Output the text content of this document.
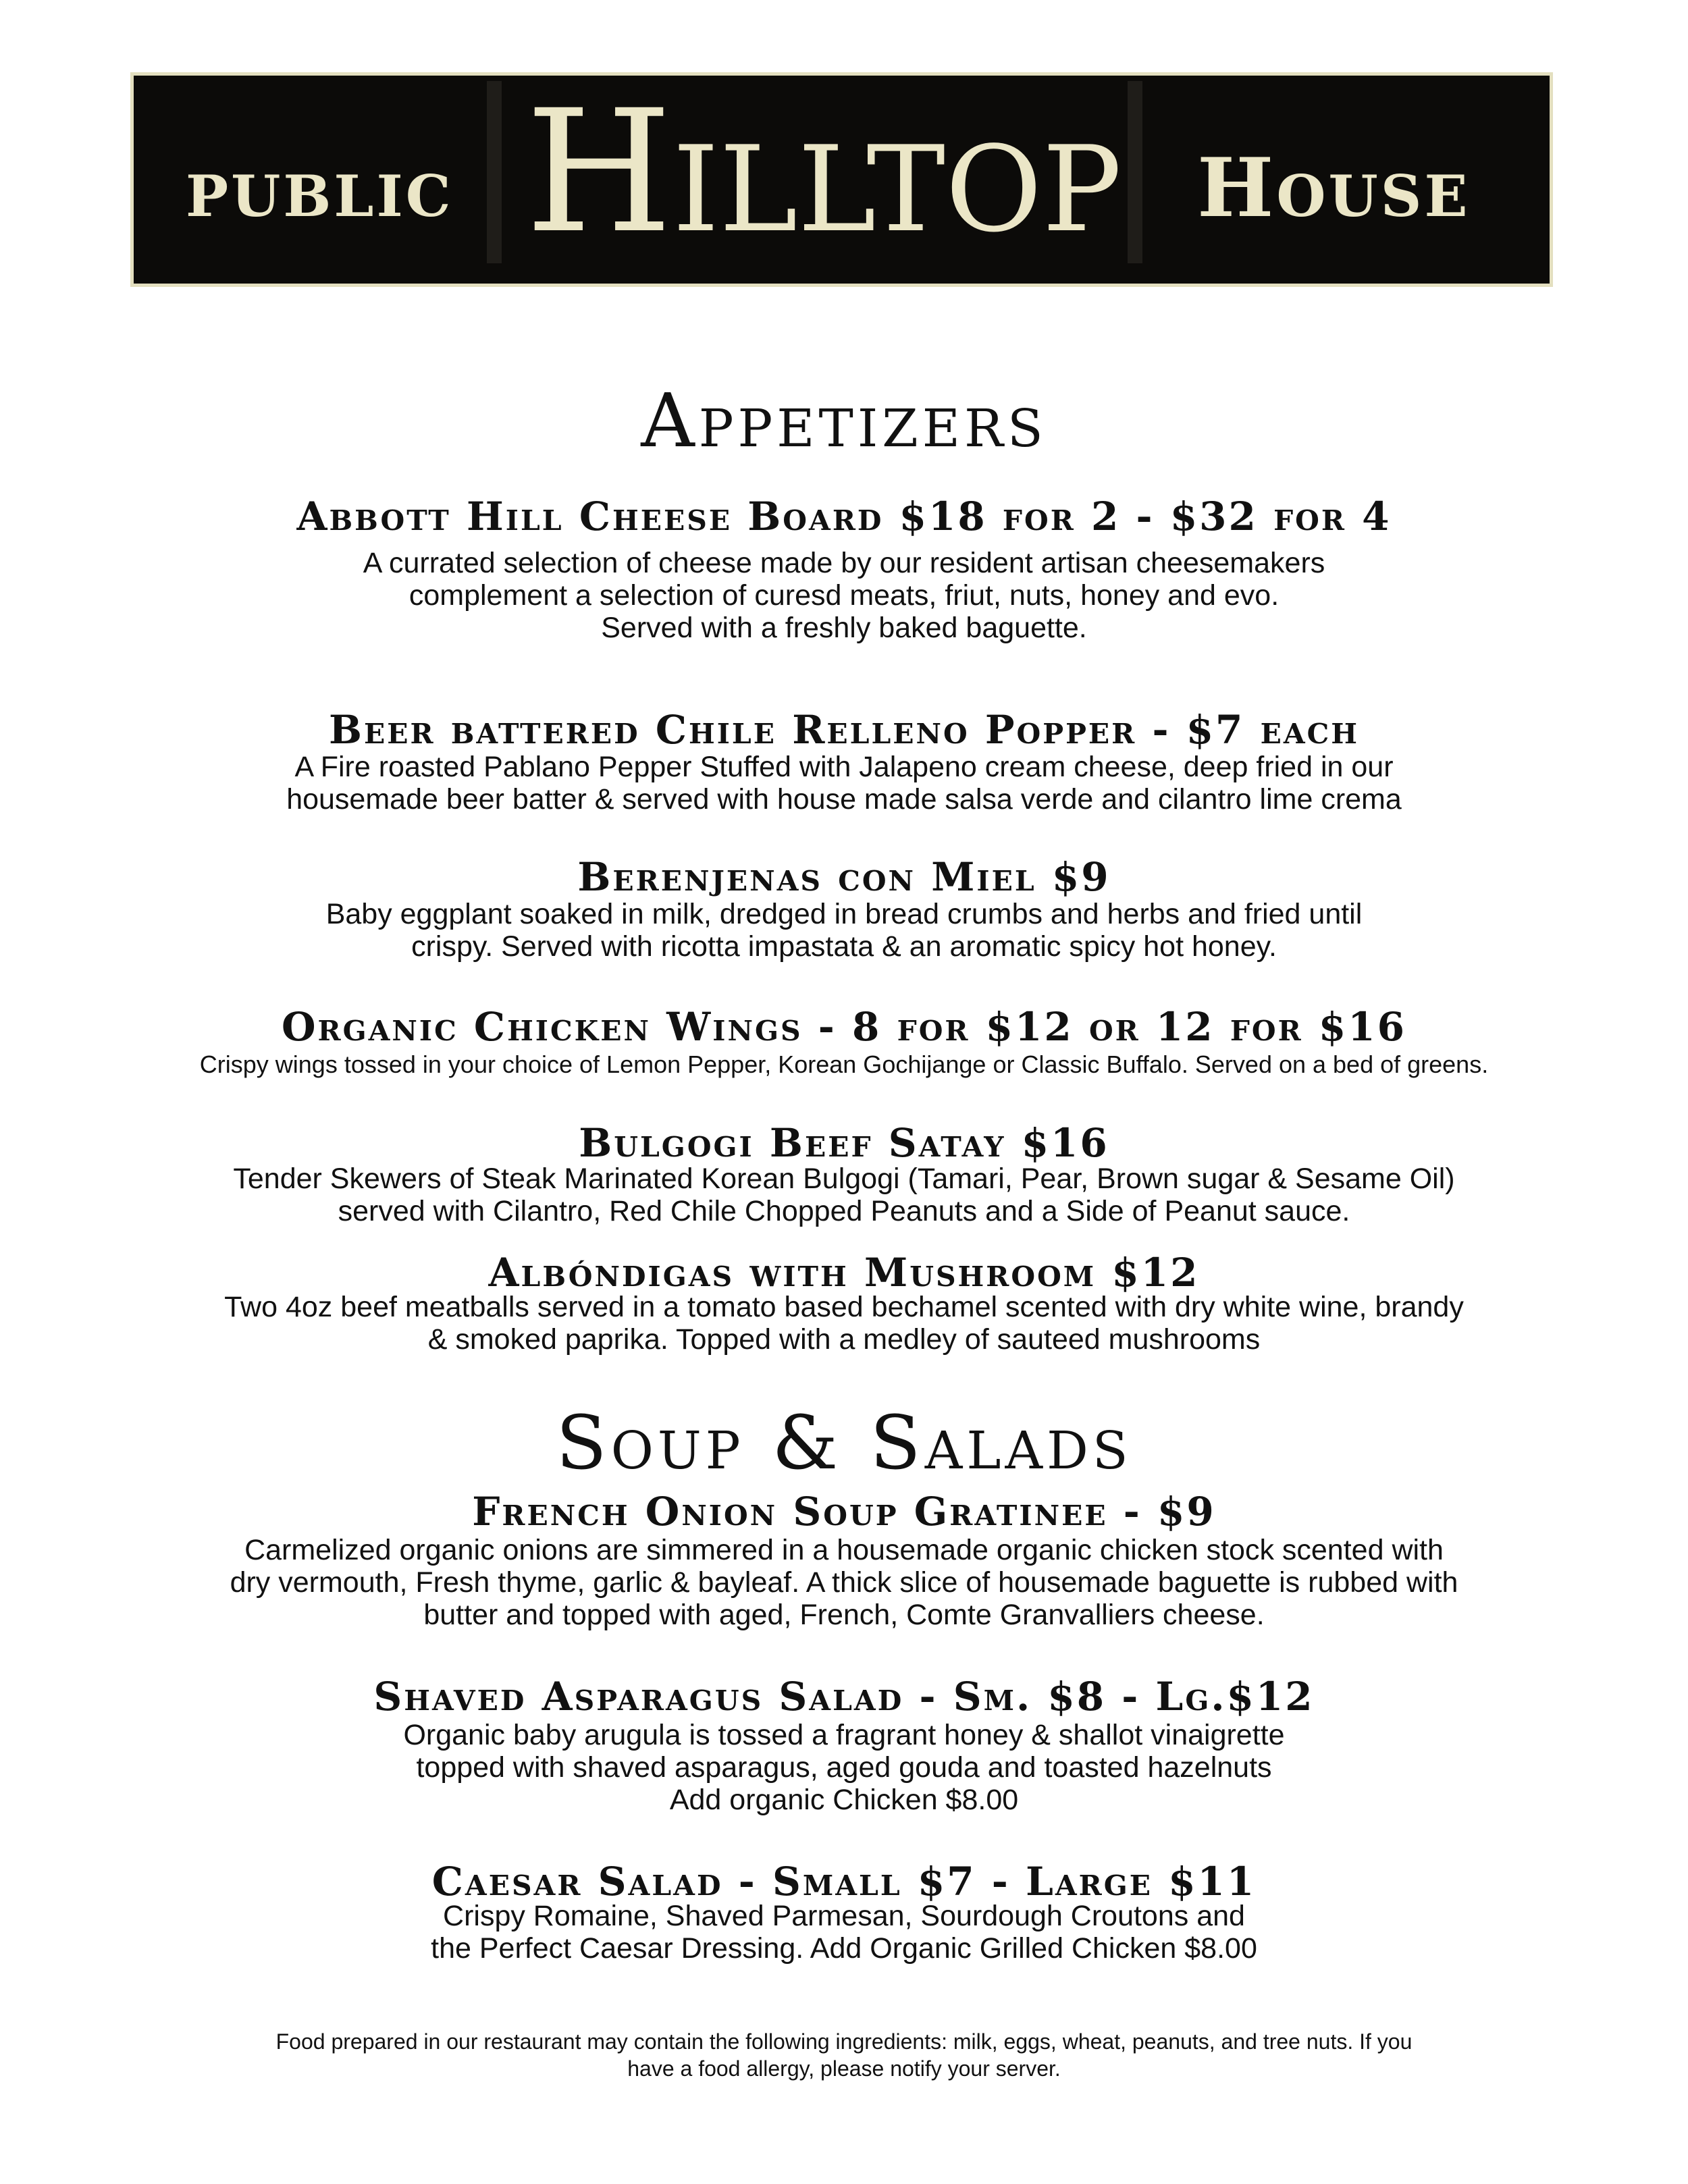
public Hilltop House
Appetizers
Abbott Hill Cheese Board $18 for 2 - $32 for 4
A currated selection of cheese made by our resident artisan cheesemakers
complement a selection of curesd meats, friut, nuts, honey and evo.
Served with a freshly baked baguette.
Beer battered Chile Relleno Popper - $7 each
A Fire roasted Pablano Pepper Stuffed with Jalapeno cream cheese, deep fried in our
housemade beer batter & served with house made salsa verde and cilantro lime crema
Berenjenas con Miel $9
Baby eggplant soaked in milk, dredged in bread crumbs and herbs and fried until
crispy. Served with ricotta impastata & an aromatic spicy hot honey.
Organic Chicken Wings - 8 for $12 or 12 for $16
Crispy wings tossed in your choice of Lemon Pepper, Korean Gochijange or Classic Buffalo. Served on a bed of greens.
Bulgogi Beef Satay $16
Tender Skewers of Steak Marinated Korean Bulgogi (Tamari, Pear, Brown sugar & Sesame Oil)
served with Cilantro, Red Chile Chopped Peanuts and a Side of Peanut sauce.
Albóndigas with Mushroom $12
Two 4oz beef meatballs served in a tomato based bechamel scented with dry white wine, brandy
& smoked paprika. Topped with a medley of sauteed mushrooms
Soup & Salads
French Onion Soup Gratinee - $9
Carmelized organic onions are simmered in a housemade organic chicken stock scented with
dry vermouth, Fresh thyme, garlic & bayleaf. A thick slice of housemade baguette is rubbed with
butter and topped with aged, French, Comte Granvalliers cheese.
Shaved Asparagus Salad - Sm. $8 - Lg.$12
Organic baby arugula is tossed a fragrant honey & shallot vinaigrette
topped with shaved asparagus, aged gouda and toasted hazelnuts
Add organic Chicken $8.00
Caesar Salad - Small $7 - Large $11
Crispy Romaine, Shaved Parmesan, Sourdough Croutons and
the Perfect Caesar Dressing. Add Organic Grilled Chicken $8.00
Food prepared in our restaurant may contain the following ingredients: milk, eggs, wheat, peanuts, and tree nuts. If you
have a food allergy, please notify your server.
